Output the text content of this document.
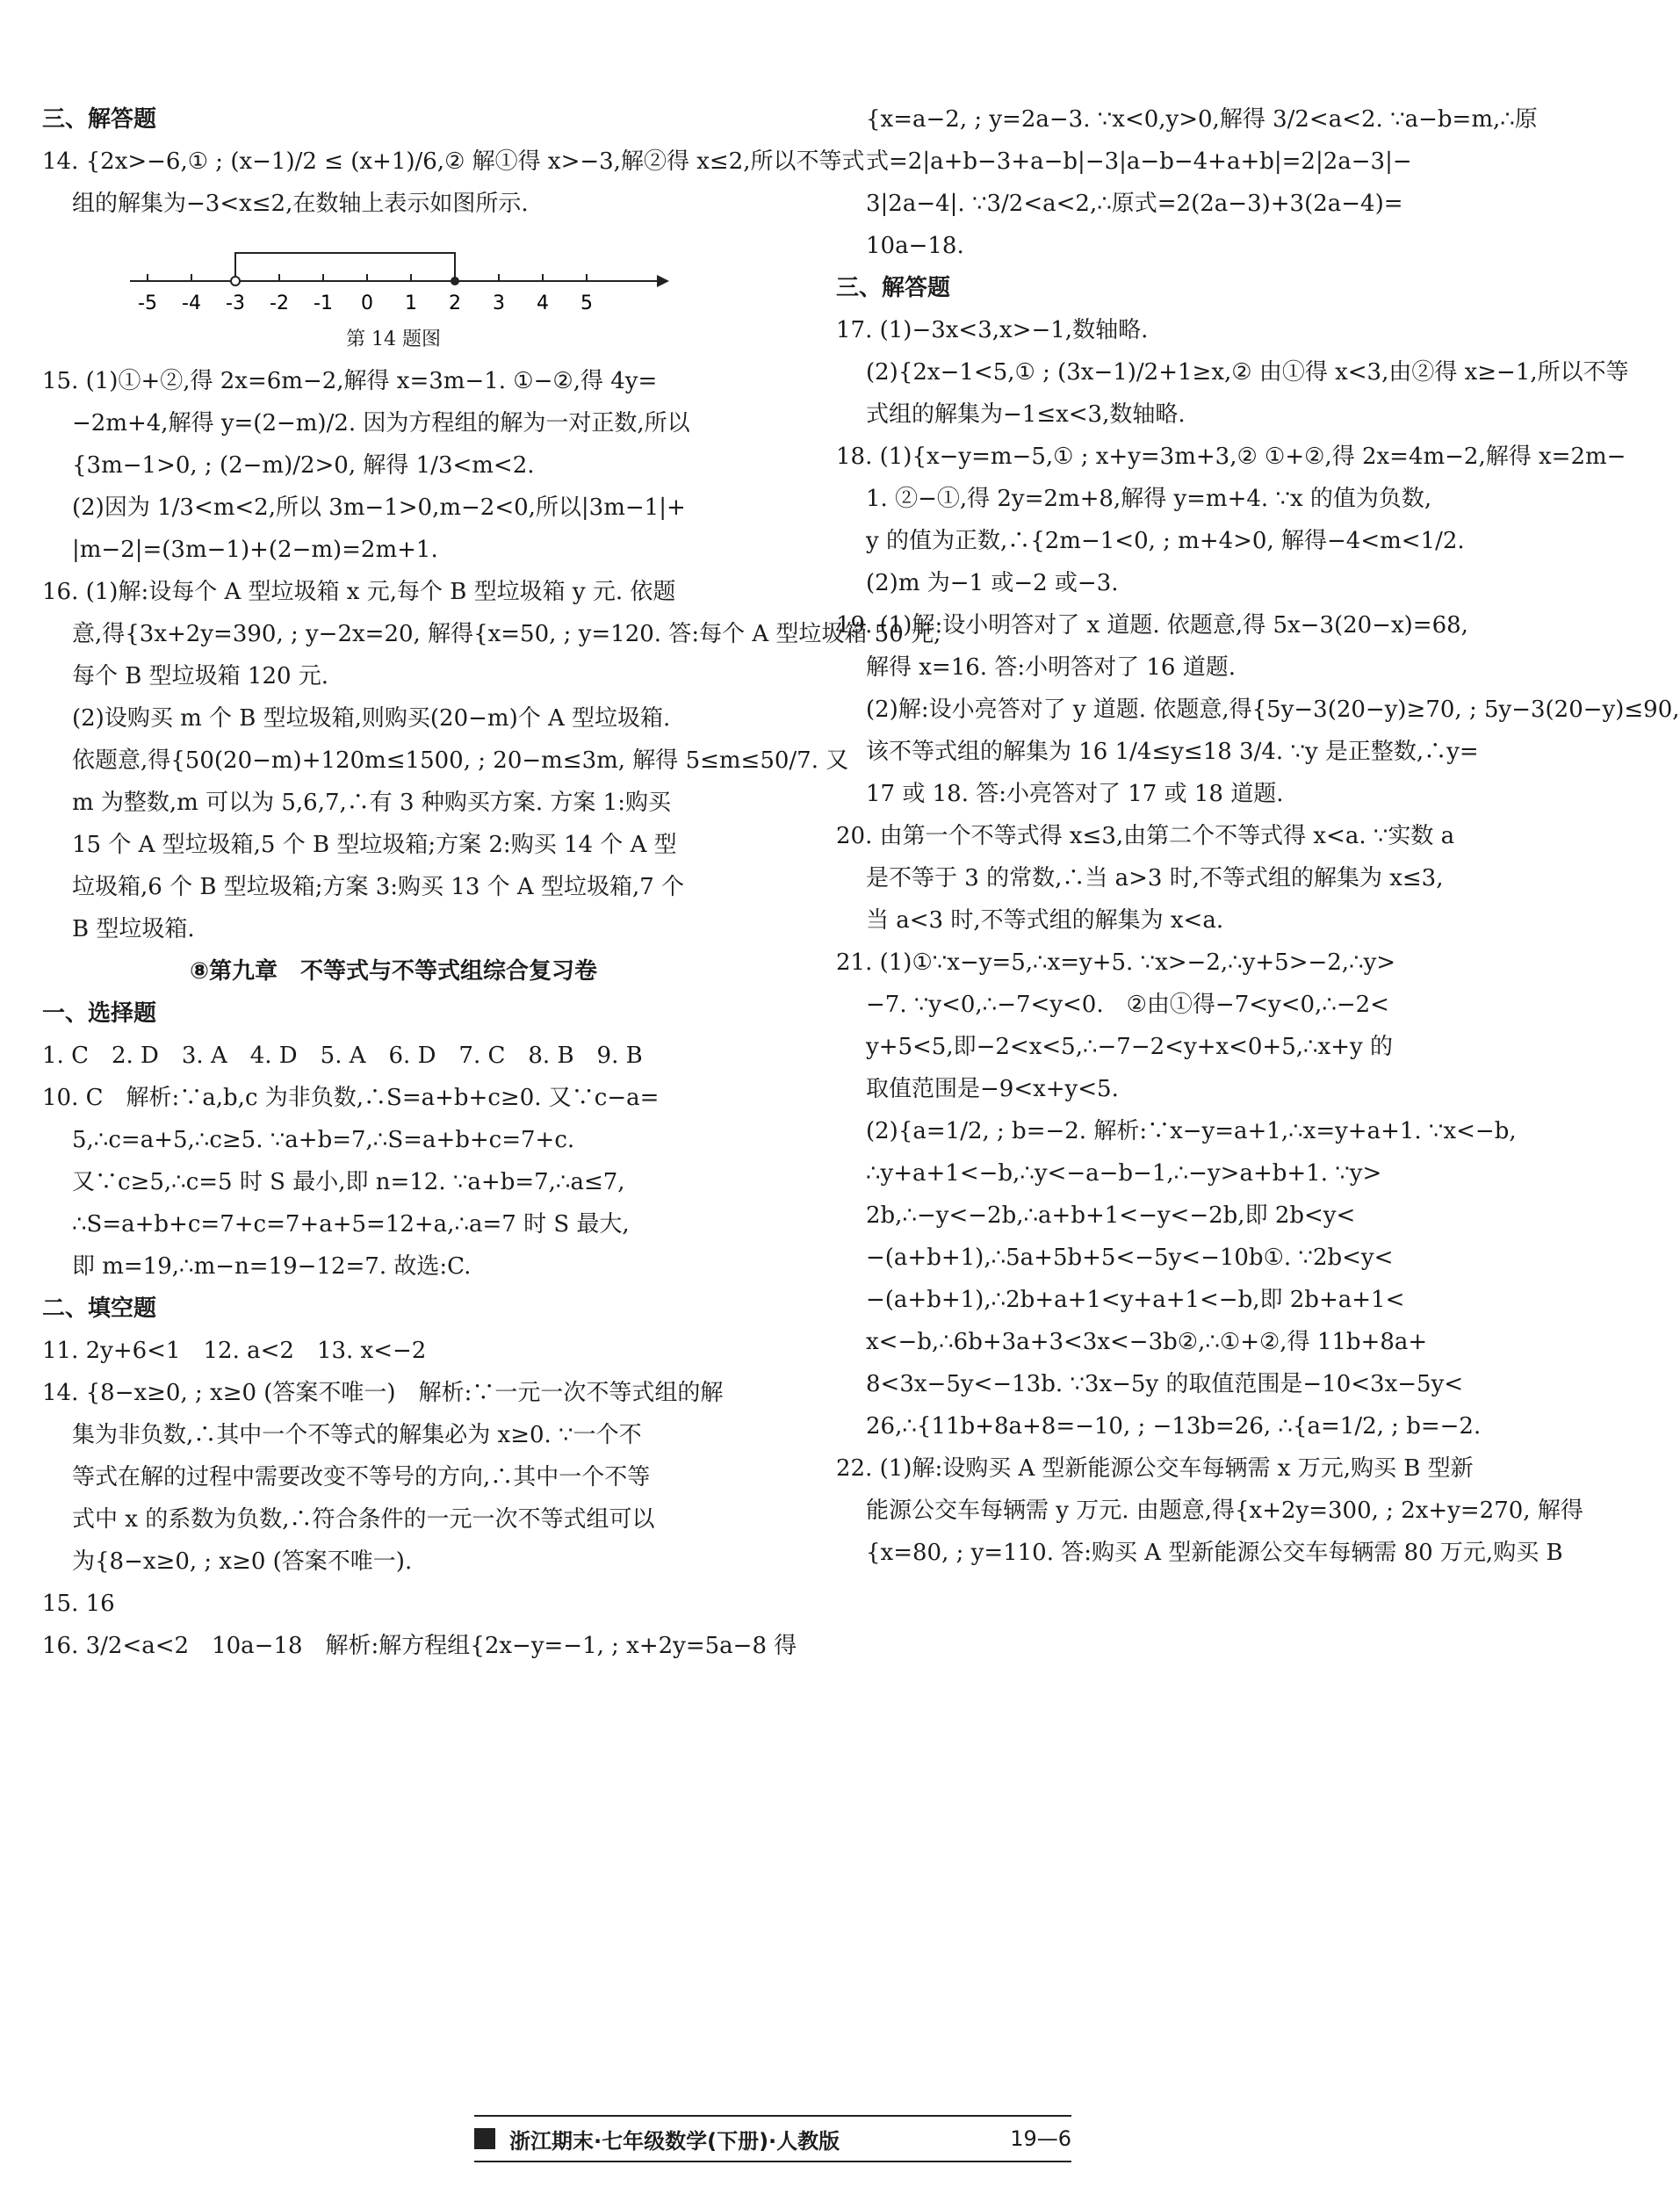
三、解答题
14. {2x>−6,① ; (x−1)/2 ≤ (x+1)/6,② 解①得 x>−3,解②得 x≤2,所以不等式
组的解集为−3<x≤2,在数轴上表示如图所示.
-5 -4 -3 -2 -1 0 1 2 3 4 5
第 14 题图
15. (1)①+②,得 2x=6m−2,解得 x=3m−1. ①−②,得 4y=
−2m+4,解得 y=(2−m)/2. 因为方程组的解为一对正数,所以
{3m−1>0, ; (2−m)/2>0, 解得 1/3<m<2.
(2)因为 1/3<m<2,所以 3m−1>0,m−2<0,所以|3m−1|+
|m−2|=(3m−1)+(2−m)=2m+1.
16. (1)解:设每个 A 型垃圾箱 x 元,每个 B 型垃圾箱 y 元. 依题
意,得{3x+2y=390, ; y−2x=20, 解得{x=50, ; y=120. 答:每个 A 型垃圾箱 50 元,
每个 B 型垃圾箱 120 元.
(2)设购买 m 个 B 型垃圾箱,则购买(20−m)个 A 型垃圾箱.
依题意,得{50(20−m)+120m≤1500, ; 20−m≤3m, 解得 5≤m≤50/7. 又
m 为整数,m 可以为 5,6,7,∴有 3 种购买方案. 方案 1:购买
15 个 A 型垃圾箱,5 个 B 型垃圾箱;方案 2:购买 14 个 A 型
垃圾箱,6 个 B 型垃圾箱;方案 3:购买 13 个 A 型垃圾箱,7 个
B 型垃圾箱.
⑧第九章　不等式与不等式组综合复习卷
一、选择题
1. C　2. D　3. A　4. D　5. A　6. D　7. C　8. B　9. B
10. C　解析:∵a,b,c 为非负数,∴S=a+b+c≥0. 又∵c−a=
5,∴c=a+5,∴c≥5. ∵a+b=7,∴S=a+b+c=7+c.
又∵c≥5,∴c=5 时 S 最小,即 n=12. ∵a+b=7,∴a≤7,
∴S=a+b+c=7+c=7+a+5=12+a,∴a=7 时 S 最大,
即 m=19,∴m−n=19−12=7. 故选:C.
二、填空题
11. 2y+6<1　12. a<2　13. x<−2
14. {8−x≥0, ; x≥0 (答案不唯一)　解析:∵一元一次不等式组的解
集为非负数,∴其中一个不等式的解集必为 x≥0. ∵一个不
等式在解的过程中需要改变不等号的方向,∴其中一个不等
式中 x 的系数为负数,∴符合条件的一元一次不等式组可以
为{8−x≥0, ; x≥0 (答案不唯一).
15. 16
16. 3/2<a<2　10a−18　解析:解方程组{2x−y=−1, ; x+2y=5a−8 得
{x=a−2, ; y=2a−3. ∵x<0,y>0,解得 3/2<a<2. ∵a−b=m,∴原
式=2|a+b−3+a−b|−3|a−b−4+a+b|=2|2a−3|−
3|2a−4|. ∵3/2<a<2,∴原式=2(2a−3)+3(2a−4)=
10a−18.
三、解答题
17. (1)−3x<3,x>−1,数轴略.
(2){2x−1<5,① ; (3x−1)/2+1≥x,② 由①得 x<3,由②得 x≥−1,所以不等
式组的解集为−1≤x<3,数轴略.
18. (1){x−y=m−5,① ; x+y=3m+3,② ①+②,得 2x=4m−2,解得 x=2m−
1. ②−①,得 2y=2m+8,解得 y=m+4. ∵x 的值为负数,
y 的值为正数,∴{2m−1<0, ; m+4>0, 解得−4<m<1/2.
(2)m 为−1 或−2 或−3.
19. (1)解:设小明答对了 x 道题. 依题意,得 5x−3(20−x)=68,
解得 x=16. 答:小明答对了 16 道题.
(2)解:设小亮答对了 y 道题. 依题意,得{5y−3(20−y)≥70, ; 5y−3(20−y)≤90,
该不等式组的解集为 16 1/4≤y≤18 3/4. ∵y 是正整数,∴y=
17 或 18. 答:小亮答对了 17 或 18 道题.
20. 由第一个不等式得 x≤3,由第二个不等式得 x<a. ∵实数 a
是不等于 3 的常数,∴当 a>3 时,不等式组的解集为 x≤3,
当 a<3 时,不等式组的解集为 x<a.
21. (1)①∵x−y=5,∴x=y+5. ∵x>−2,∴y+5>−2,∴y>
−7. ∵y<0,∴−7<y<0.　②由①得−7<y<0,∴−2<
y+5<5,即−2<x<5,∴−7−2<y+x<0+5,∴x+y 的
取值范围是−9<x+y<5.
(2){a=1/2, ; b=−2. 解析:∵x−y=a+1,∴x=y+a+1. ∵x<−b,
∴y+a+1<−b,∴y<−a−b−1,∴−y>a+b+1. ∵y>
2b,∴−y<−2b,∴a+b+1<−y<−2b,即 2b<y<
−(a+b+1),∴5a+5b+5<−5y<−10b①. ∵2b<y<
−(a+b+1),∴2b+a+1<y+a+1<−b,即 2b+a+1<
x<−b,∴6b+3a+3<3x<−3b②,∴①+②,得 11b+8a+
8<3x−5y<−13b. ∵3x−5y 的取值范围是−10<3x−5y<
26,∴{11b+8a+8=−10, ; −13b=26, ∴{a=1/2, ; b=−2.
22. (1)解:设购买 A 型新能源公交车每辆需 x 万元,购买 B 型新
能源公交车每辆需 y 万元. 由题意,得{x+2y=300, ; 2x+y=270, 解得
{x=80, ; y=110. 答:购买 A 型新能源公交车每辆需 80 万元,购买 B
浙江期末·七年级数学(下册)·人教版	19—6
